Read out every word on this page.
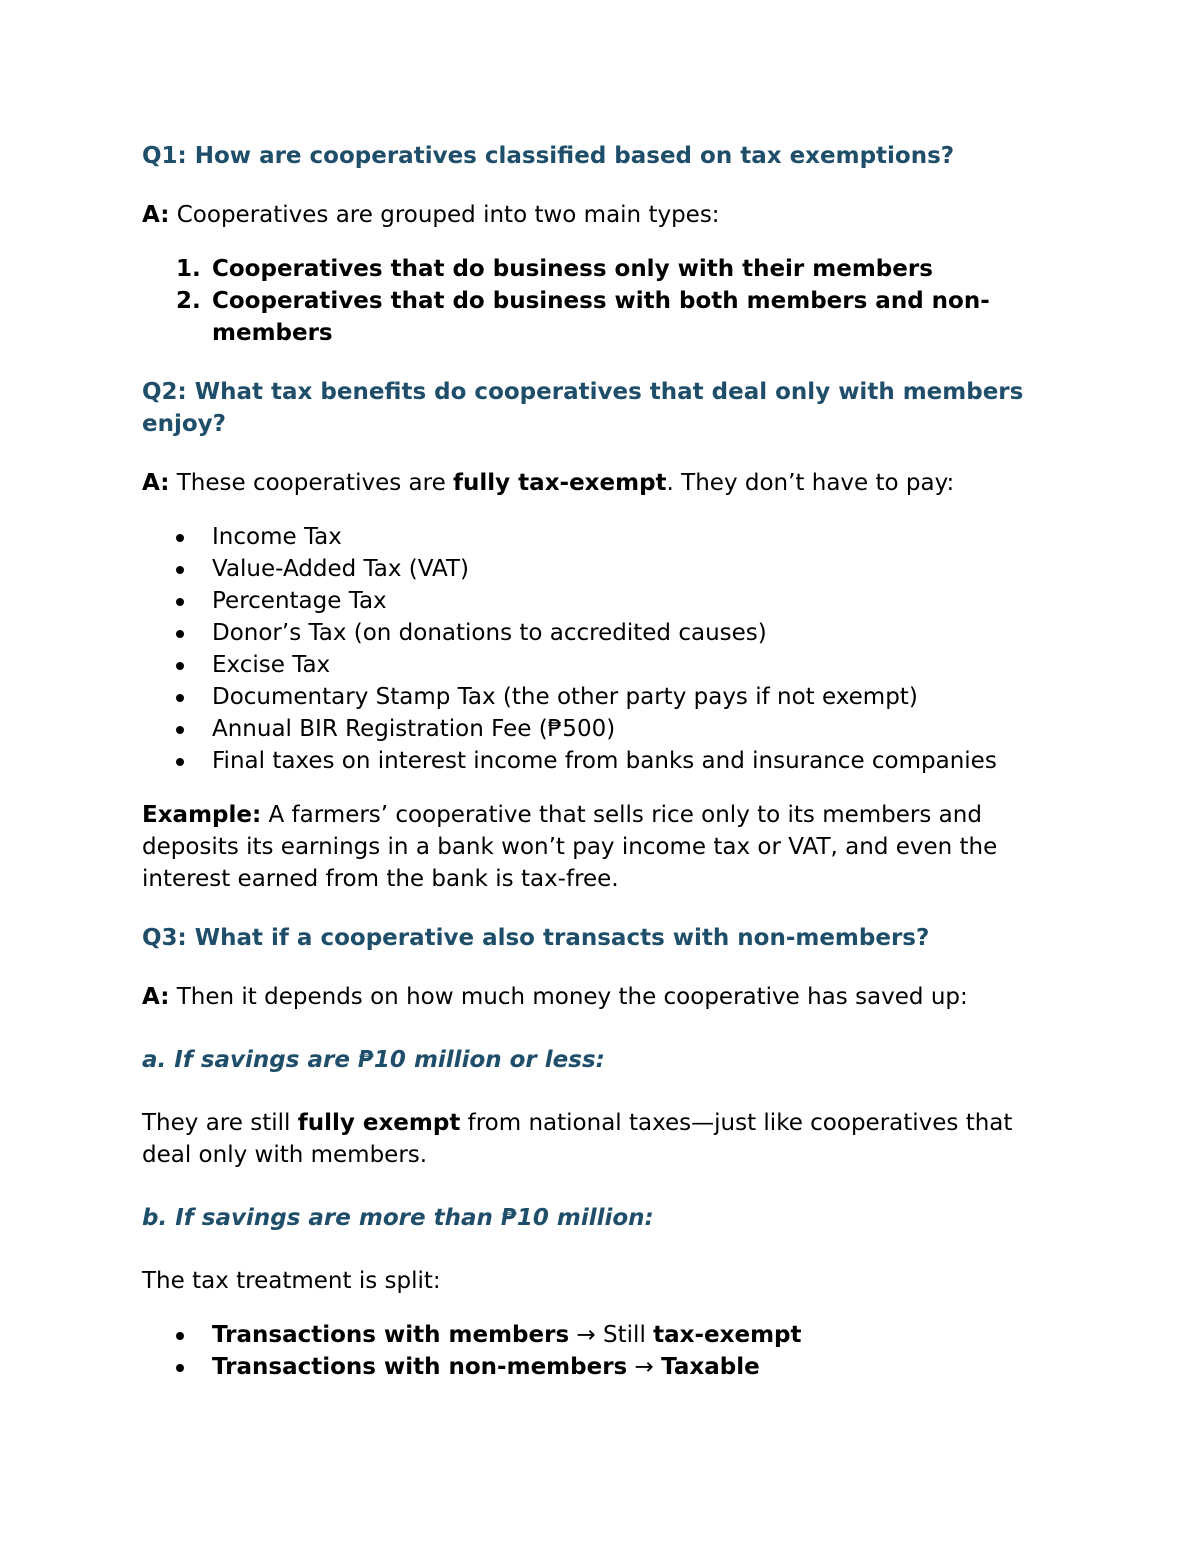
Q1: How are cooperatives classified based on tax exemptions?

A: Cooperatives are grouped into two main types:

1. Cooperatives that do business only with their members
2. Cooperatives that do business with both members and non-members

Q2: What tax benefits do cooperatives that deal only with members enjoy?

A: These cooperatives are fully tax-exempt. They don’t have to pay:

Income Tax
Value-Added Tax (VAT)
Percentage Tax
Donor’s Tax (on donations to accredited causes)
Excise Tax
Documentary Stamp Tax (the other party pays if not exempt)
Annual BIR Registration Fee (₱500)
Final taxes on interest income from banks and insurance companies

Example: A farmers’ cooperative that sells rice only to its members and deposits its earnings in a bank won’t pay income tax or VAT, and even the interest earned from the bank is tax-free.

Q3: What if a cooperative also transacts with non-members?

A: Then it depends on how much money the cooperative has saved up:

a. If savings are ₱10 million or less:

They are still fully exempt from national taxes—just like cooperatives that deal only with members.

b. If savings are more than ₱10 million:

The tax treatment is split:

Transactions with members → Still tax-exempt
Transactions with non-members → Taxable
